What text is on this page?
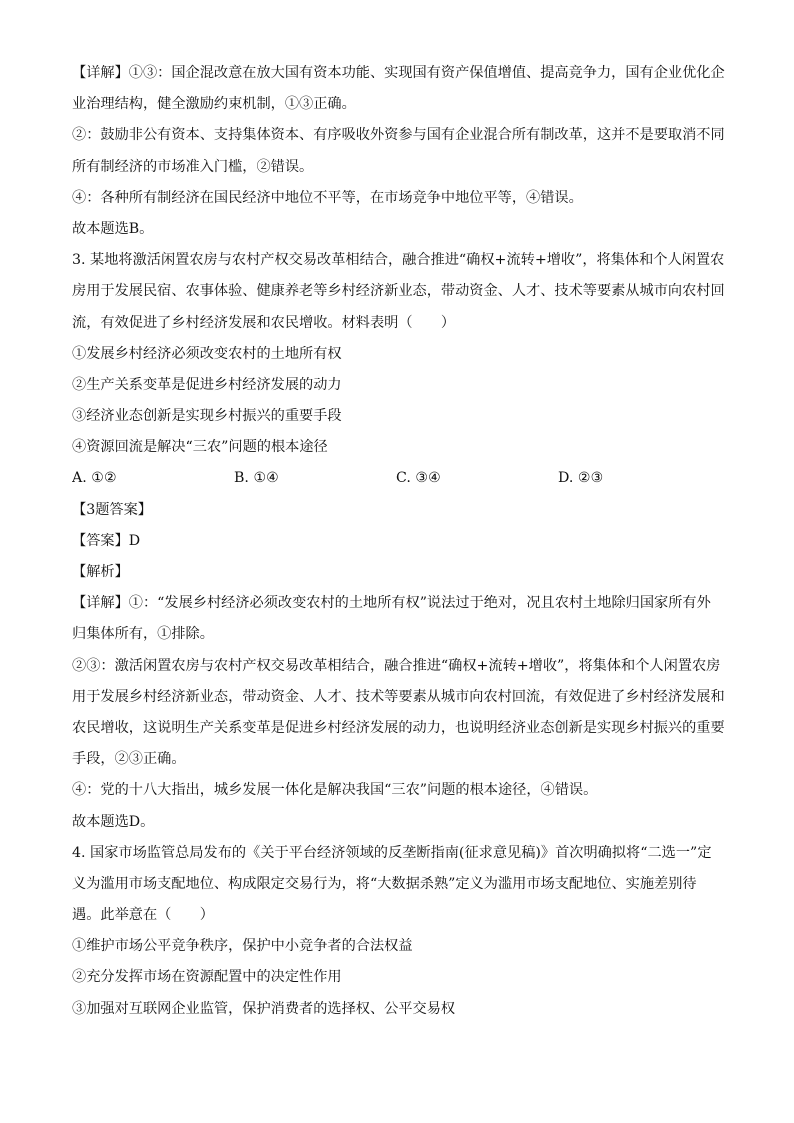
【详解】①③：国企混改意在放大国有资本功能、实现国有资产保值增值、提高竞争力，国有企业优化企
业治理结构，健全激励约束机制，①③正确。
②：鼓励非公有资本、支持集体资本、有序吸收外资参与国有企业混合所有制改革，这并不是要取消不同
所有制经济的市场准入门槛，②错误。
④：各种所有制经济在国民经济中地位不平等，在市场竞争中地位平等，④错误。
故本题选B。
3. 某地将激活闲置农房与农村产权交易改革相结合，融合推进“确权+流转+增收”，将集体和个人闲置农
房用于发展民宿、农事体验、健康养老等乡村经济新业态，带动资金、人才、技术等要素从城市向农村回
流，有效促进了乡村经济发展和农民增收。材料表明（　　）
①发展乡村经济必须改变农村的土地所有权
②生产关系变革是促进乡村经济发展的动力
③经济业态创新是实现乡村振兴的重要手段
④资源回流是解决“三农”问题的根本途径
A. ①②	B. ①④	C. ③④	D. ②③
【3题答案】
【答案】D
【解析】
【详解】①：“发展乡村经济必须改变农村的土地所有权”说法过于绝对，况且农村土地除归国家所有外
归集体所有，①排除。
②③：激活闲置农房与农村产权交易改革相结合，融合推进“确权+流转+增收”，将集体和个人闲置农房
用于发展乡村经济新业态，带动资金、人才、技术等要素从城市向农村回流，有效促进了乡村经济发展和
农民增收，这说明生产关系变革是促进乡村经济发展的动力，也说明经济业态创新是实现乡村振兴的重要
手段，②③正确。
④：党的十八大指出，城乡发展一体化是解决我国“三农”问题的根本途径，④错误。
故本题选D。
4. 国家市场监管总局发布的《关于平台经济领域的反垄断指南(征求意见稿)》首次明确拟将“二选一”定
义为滥用市场支配地位、构成限定交易行为，将“大数据杀熟”定义为滥用市场支配地位、实施差别待
遇。此举意在（　　）
①维护市场公平竞争秩序，保护中小竞争者的合法权益
②充分发挥市场在资源配置中的决定性作用
③加强对互联网企业监管，保护消费者的选择权、公平交易权
